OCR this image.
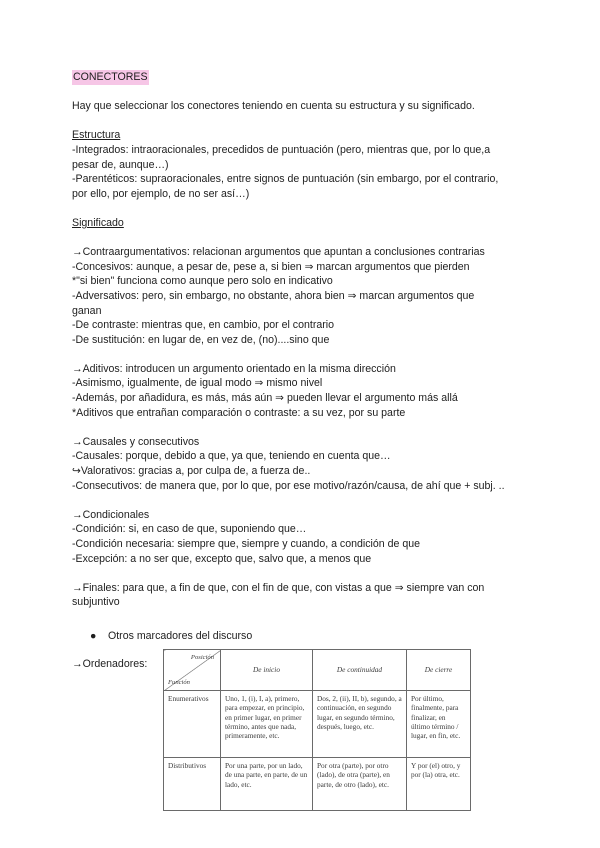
CONECTORES
Hay que seleccionar los conectores teniendo en cuenta su estructura y su significado.
Estructura
-Integrados: intraoracionales, precedidos de puntuación (pero, mientras que, por lo que,a
pesar de, aunque…)
-Parentéticos: supraoracionales, entre signos de puntuación (sin embargo, por el contrario,
por ello, por ejemplo, de no ser así…)
Significado
→Contraargumentativos: relacionan argumentos que apuntan a conclusiones contrarias
-Concesivos: aunque, a pesar de, pese a, si bien ⇒ marcan argumentos que pierden
*"si bien" funciona como aunque pero solo en indicativo
-Adversativos: pero, sin embargo, no obstante, ahora bien ⇒ marcan argumentos que
ganan
-De contraste: mientras que, en cambio, por el contrario
-De sustitución: en lugar de, en vez de, (no)....sino que
→Aditivos: introducen un argumento orientado en la misma dirección
-Asimismo, igualmente, de igual modo ⇒ mismo nivel
-Además, por añadidura, es más, más aún ⇒ pueden llevar el argumento más allá
*Aditivos que entrañan comparación o contraste: a su vez, por su parte
→Causales y consecutivos
-Causales: porque, debido a que, ya que, teniendo en cuenta que…
↪Valorativos: gracias a, por culpa de, a fuerza de..
-Consecutivos: de manera que, por lo que, por ese motivo/razón/causa, de ahí que + subj. ..
→Condicionales
-Condición: si, en caso de que, suponiendo que…
-Condición necesaria: siempre que, siempre y cuando, a condición de que
-Excepción: a no ser que, excepto que, salvo que, a menos que
→Finales: para que, a fin de que, con el fin de que, con vistas a que ⇒ siempre van con
subjuntivo
● Otros marcadores del discurso
→Ordenadores:
Posición
Función	De inicio	De continuidad	De cierre
Enumerativos	Uno, 1, (i), I, a), primero, para empezar, en principio, en primer lugar, en primer término, antes que nada, primeramente, etc.	Dos, 2, (ii), II, b), segundo, a continuación, en segundo lugar, en segundo término, después, luego, etc.	Por último, finalmente, para finalizar, en último término / lugar, en fin, etc.
Distributivos	Por una parte, por un lado, de una parte, en parte, de un lado, etc.	Por otra (parte), por otro (lado), de otra (parte), en parte, de otro (lado), etc.	Y por (el) otro, y por (la) otra, etc.
